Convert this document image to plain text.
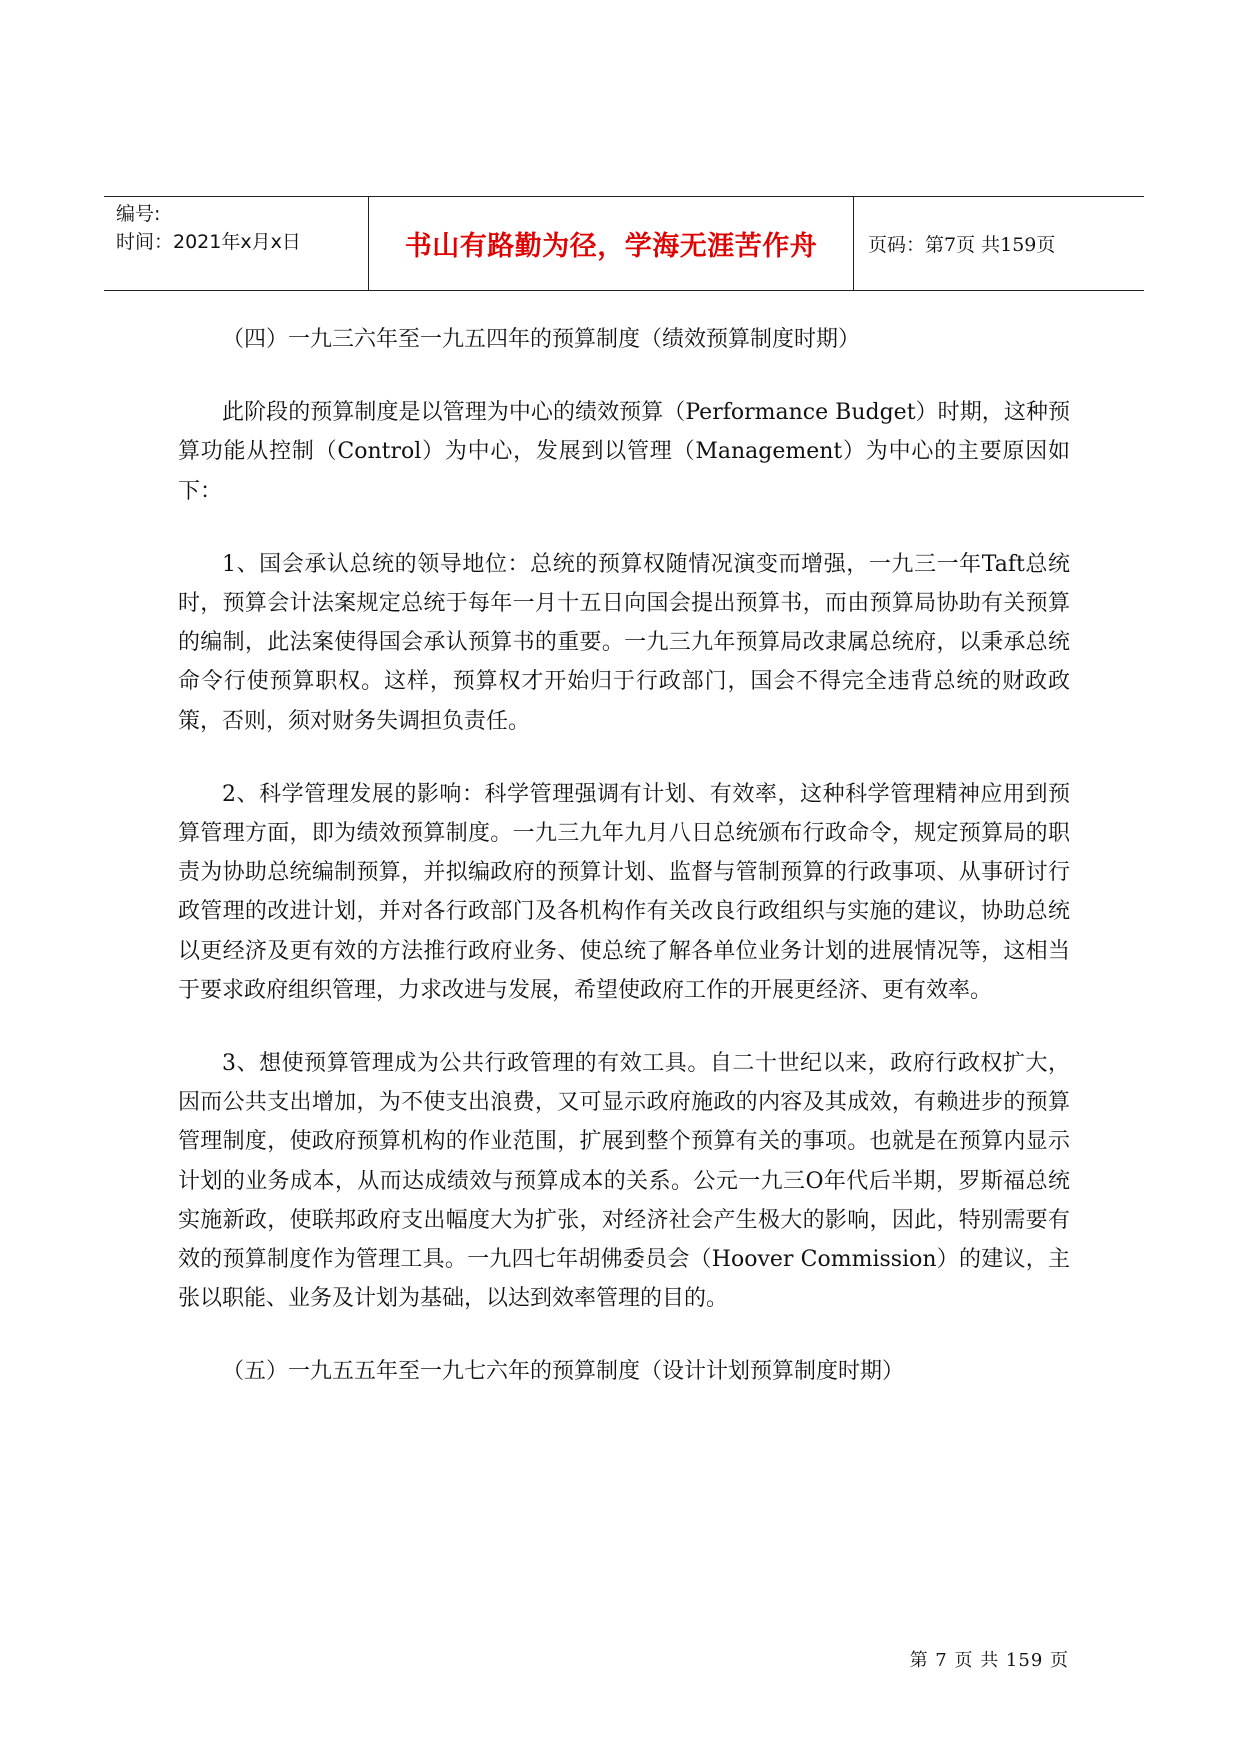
编号:
时间：2021年x月x日	书山有路勤为径，学海无涯苦作舟	页码：第7页 共159页

（四）一九三六年至一九五四年的预算制度（绩效预算制度时期）

此阶段的预算制度是以管理为中心的绩效预算（Performance Budget）时期，这种预算功能从控制（Control）为中心，发展到以管理（Management）为中心的主要原因如下：

1、国会承认总统的领导地位：总统的预算权随情况演变而增强，一九三一年Taft总统时，预算会计法案规定总统于每年一月十五日向国会提出预算书，而由预算局协助有关预算的编制，此法案使得国会承认预算书的重要。一九三九年预算局改隶属总统府，以秉承总统命令行使预算职权。这样，预算权才开始归于行政部门，国会不得完全违背总统的财政政策，否则，须对财务失调担负责任。

2、科学管理发展的影响：科学管理强调有计划、有效率，这种科学管理精神应用到预算管理方面，即为绩效预算制度。一九三九年九月八日总统颁布行政命令，规定预算局的职责为协助总统编制预算，并拟编政府的预算计划、监督与管制预算的行政事项、从事研讨行政管理的改进计划，并对各行政部门及各机构作有关改良行政组织与实施的建议，协助总统以更经济及更有效的方法推行政府业务、使总统了解各单位业务计划的进展情况等，这相当于要求政府组织管理，力求改进与发展，希望使政府工作的开展更经济、更有效率。

3、想使预算管理成为公共行政管理的有效工具。自二十世纪以来，政府行政权扩大，因而公共支出增加，为不使支出浪费，又可显示政府施政的内容及其成效，有赖进步的预算管理制度，使政府预算机构的作业范围，扩展到整个预算有关的事项。也就是在预算内显示计划的业务成本，从而达成绩效与预算成本的关系。公元一九三O年代后半期，罗斯福总统实施新政，使联邦政府支出幅度大为扩张，对经济社会产生极大的影响，因此，特别需要有效的预算制度作为管理工具。一九四七年胡佛委员会（Hoover Commission）的建议，主张以职能、业务及计划为基础，以达到效率管理的目的。

（五）一九五五年至一九七六年的预算制度（设计计划预算制度时期）

第 7 页 共 159 页
